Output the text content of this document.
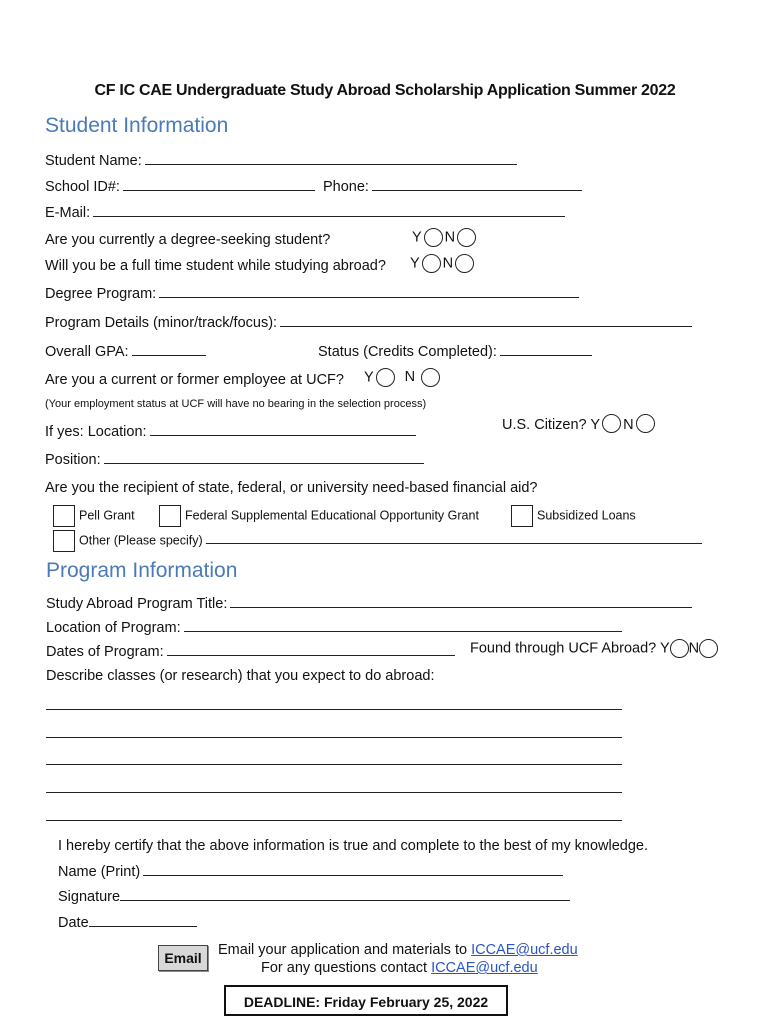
CF IC CAE Undergraduate Study Abroad Scholarship Application Summer 2022
Student Information
Student Name:
School ID#:	Phone:
E-Mail:
Are you currently a degree-seeking student?	Y N
Will you be a full time student while studying abroad? Y N
Degree Program:
Program Details (minor/track/focus):
Overall GPA:	Status (Credits Completed):
Are you a current or former employee at UCF? Y N
(Your employment status at UCF will have no bearing in the selection process)
U.S. Citizen? Y N
If yes: Location:
Position:
Are you the recipient of state, federal, or university need-based financial aid?
Pell Grant	Federal Supplemental Educational Opportunity Grant	Subsidized Loans
Other (Please specify)
Program Information
Study Abroad Program Title:
Location of Program:
Dates of Program:	Found through UCF Abroad? Y N
Describe classes (or research) that you expect to do abroad:
I hereby certify that the above information is true and complete to the best of my knowledge.
Name (Print)
Signature
Date
Email	Email your application and materials to ICCAE@ucf.edu
For any questions contact ICCAE@ucf.edu
DEADLINE: Friday February 25, 2022
